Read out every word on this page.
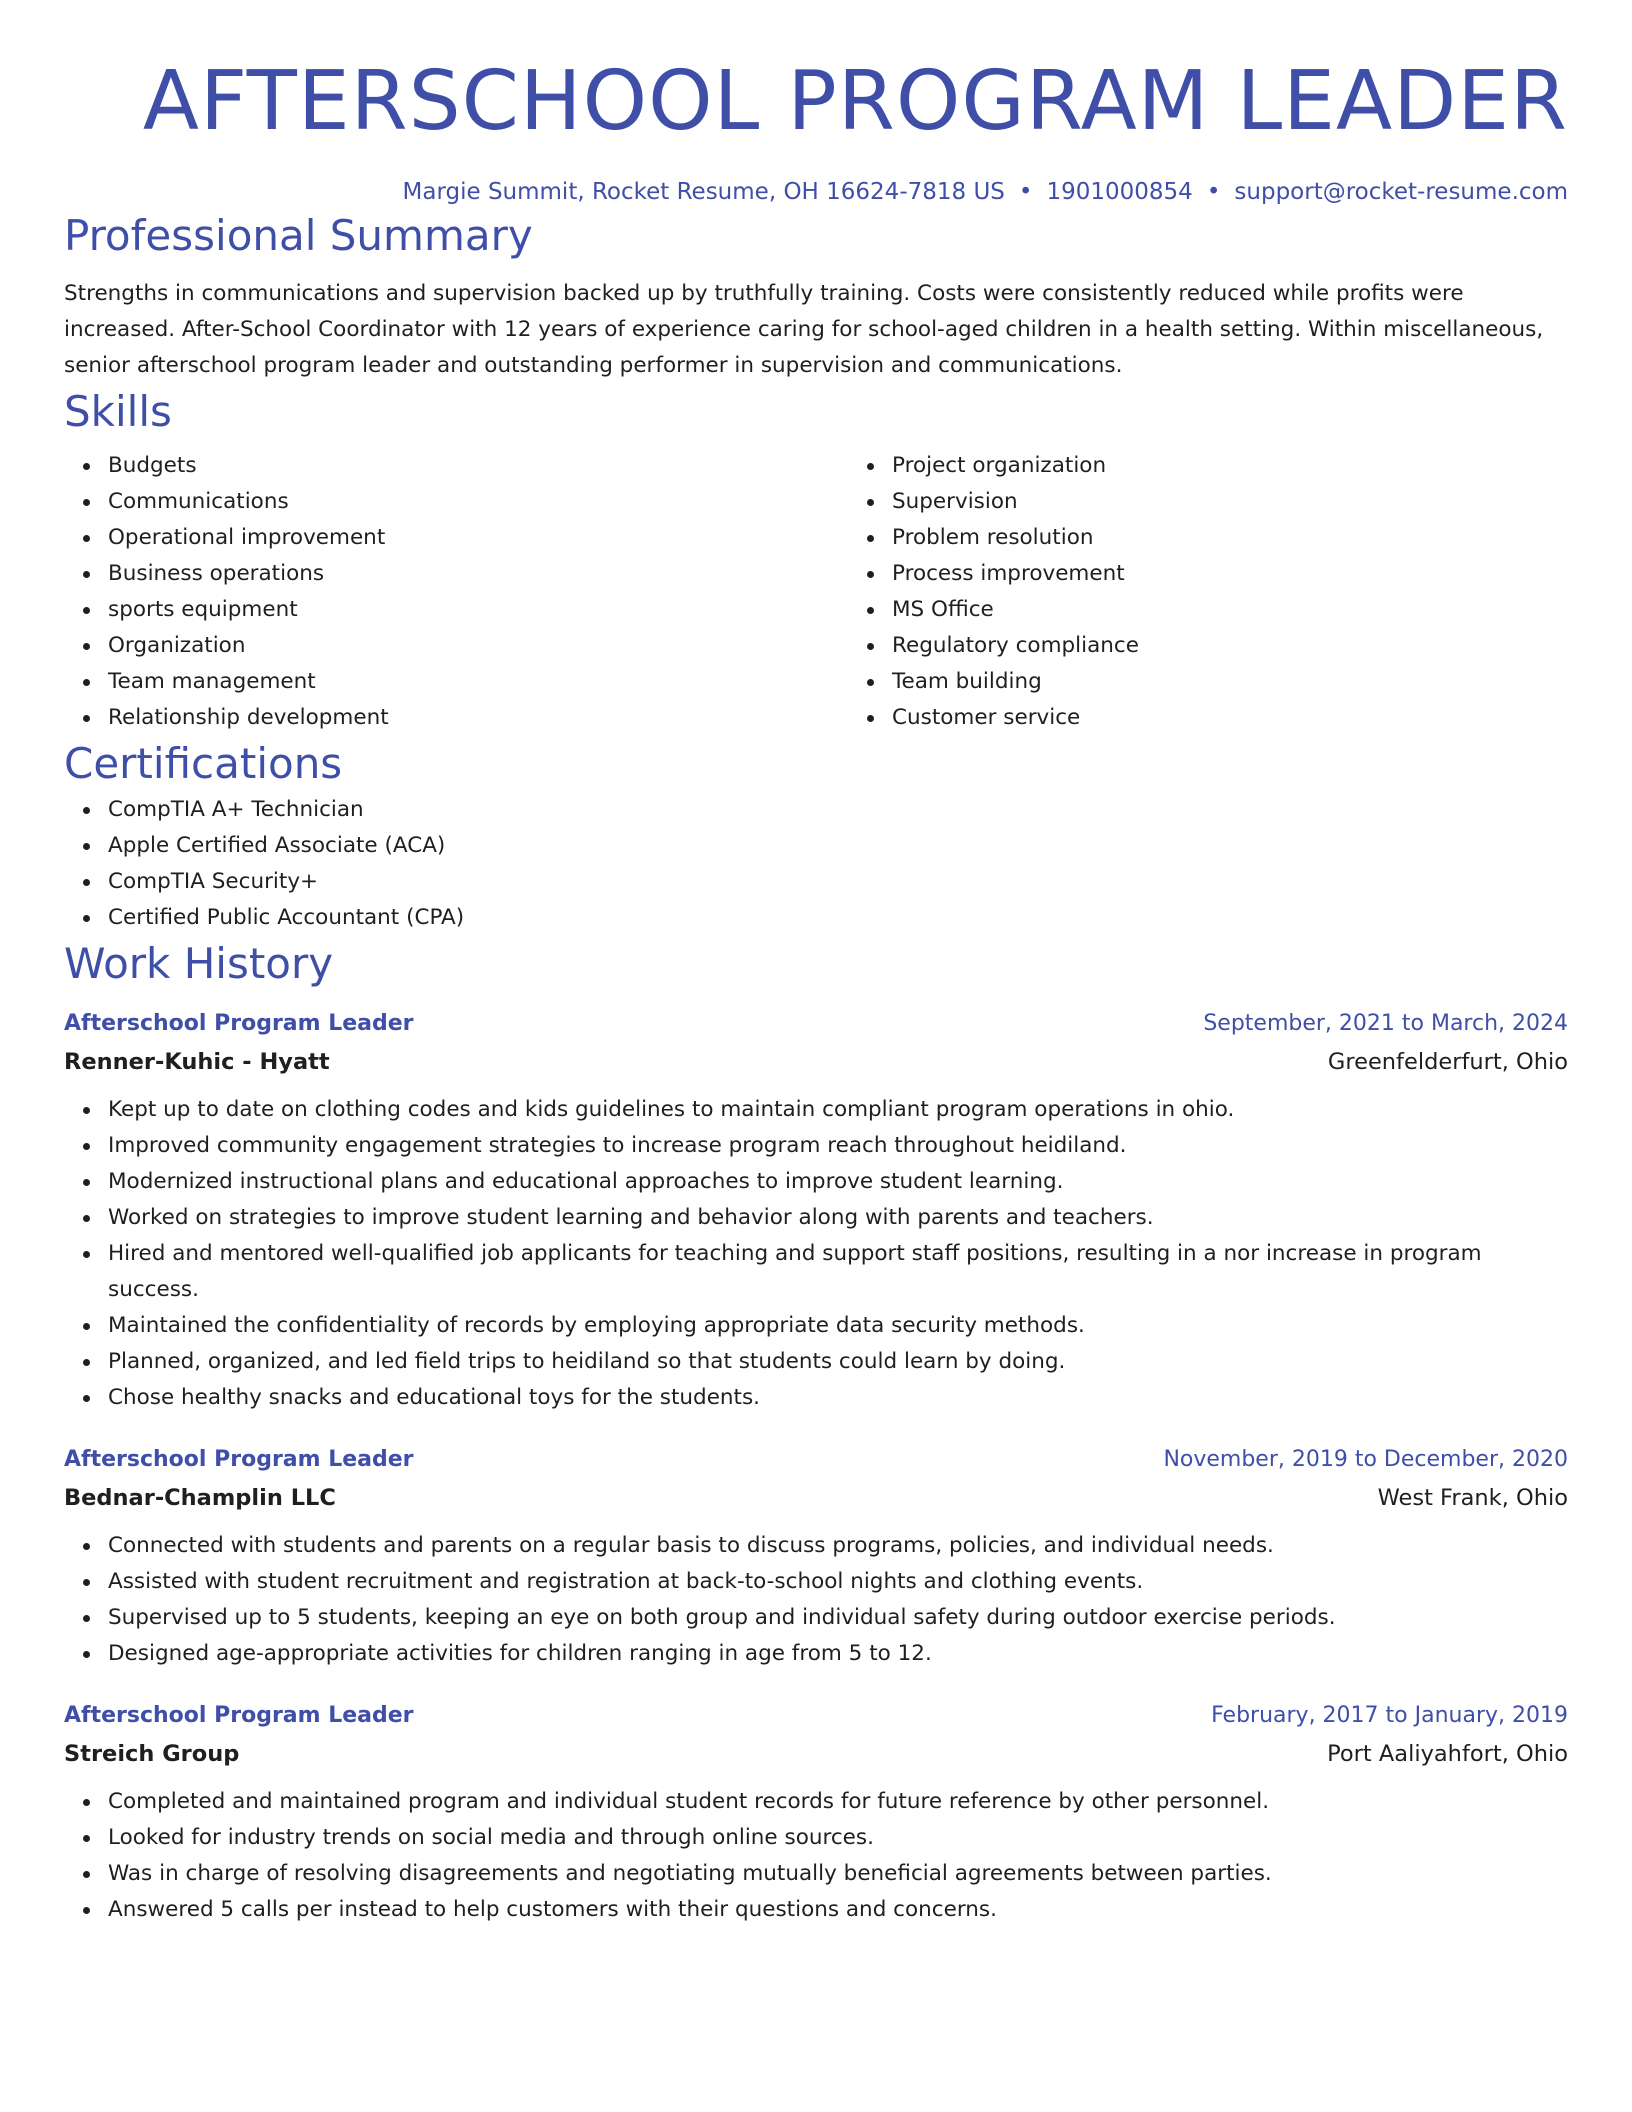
AFTERSCHOOL PROGRAM LEADER
Margie Summit, Rocket Resume, OH 16624-7818 US • 1901000854 • support@rocket-resume.com
Professional Summary
Strengths in communications and supervision backed up by truthfully training. Costs were consistently reduced while profits were increased. After-School Coordinator with 12 years of experience caring for school-aged children in a health setting. Within miscellaneous, senior afterschool program leader and outstanding performer in supervision and communications.
Skills
Budgets
Communications
Operational improvement
Business operations
sports equipment
Organization
Team management
Relationship development
Project organization
Supervision
Problem resolution
Process improvement
MS Office
Regulatory compliance
Team building
Customer service
Certifications
CompTIA A+ Technician
Apple Certified Associate (ACA)
CompTIA Security+
Certified Public Accountant (CPA)
Work History
Afterschool Program Leader	September, 2021 to March, 2024
Renner-Kuhic - Hyatt	Greenfelderfurt, Ohio
Kept up to date on clothing codes and kids guidelines to maintain compliant program operations in ohio.
Improved community engagement strategies to increase program reach throughout heidiland.
Modernized instructional plans and educational approaches to improve student learning.
Worked on strategies to improve student learning and behavior along with parents and teachers.
Hired and mentored well-qualified job applicants for teaching and support staff positions, resulting in a nor increase in program success.
Maintained the confidentiality of records by employing appropriate data security methods.
Planned, organized, and led field trips to heidiland so that students could learn by doing.
Chose healthy snacks and educational toys for the students.
Afterschool Program Leader	November, 2019 to December, 2020
Bednar-Champlin LLC	West Frank, Ohio
Connected with students and parents on a regular basis to discuss programs, policies, and individual needs.
Assisted with student recruitment and registration at back-to-school nights and clothing events.
Supervised up to 5 students, keeping an eye on both group and individual safety during outdoor exercise periods.
Designed age-appropriate activities for children ranging in age from 5 to 12.
Afterschool Program Leader	February, 2017 to January, 2019
Streich Group	Port Aaliyahfort, Ohio
Completed and maintained program and individual student records for future reference by other personnel.
Looked for industry trends on social media and through online sources.
Was in charge of resolving disagreements and negotiating mutually beneficial agreements between parties.
Answered 5 calls per instead to help customers with their questions and concerns.
